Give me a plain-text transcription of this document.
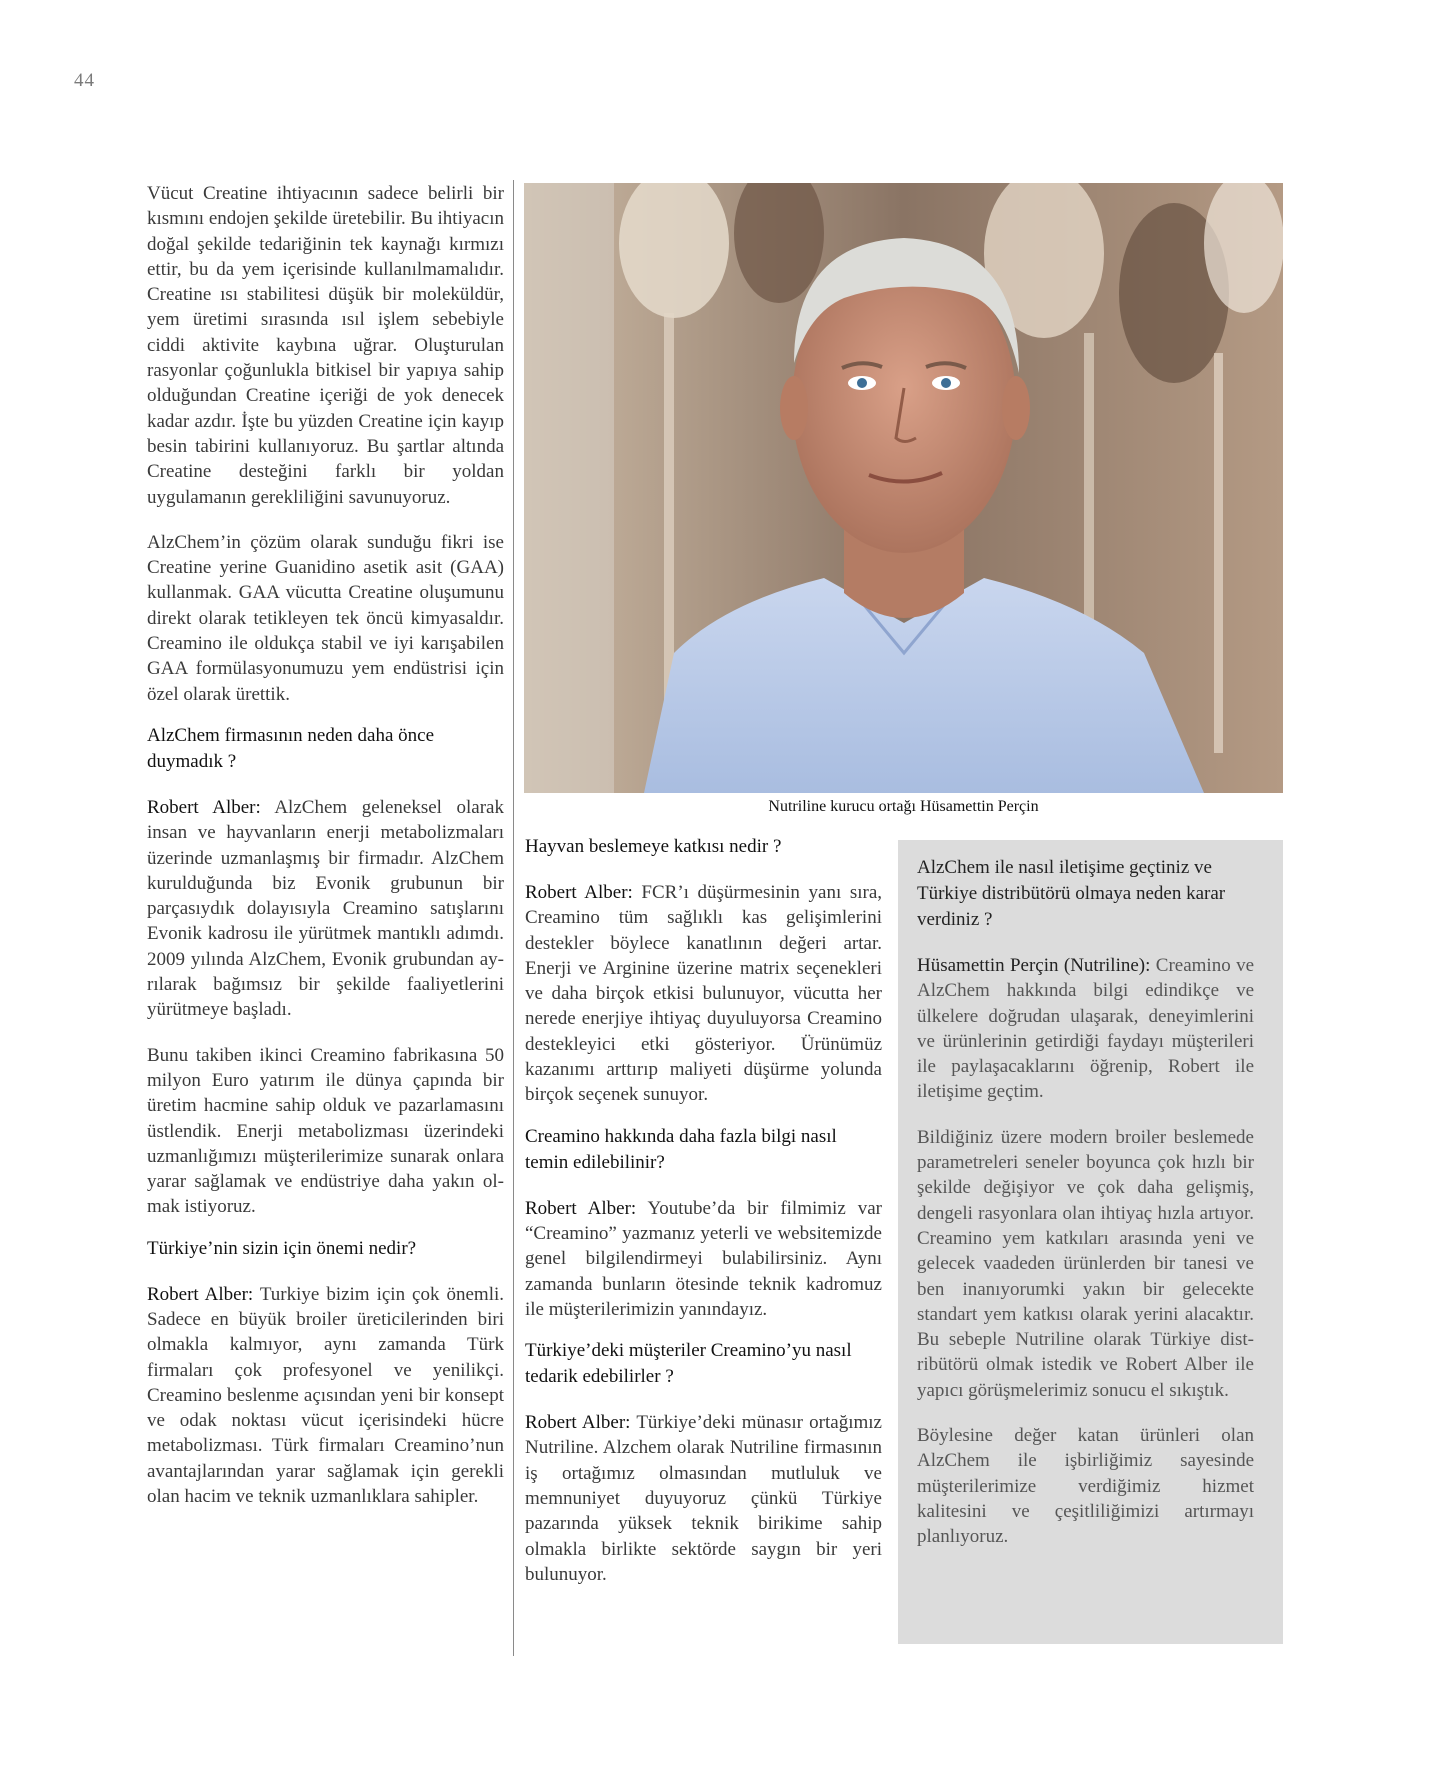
44

Vücut Creatine ihtiyacının sadece belirli bir kısmını endojen şekilde üretebilir. Bu ihtiyacın doğal şekilde tedariğinin tek kaynağı kırmızı ettir, bu da yem içerisinde kullanılmamalıdır. Creatine ısı stabilitesi düşük bir moleküldür, yem üretimi sırasında ısıl işlem sebebiyle ciddi aktivite kaybına uğrar. Oluşturulan rasyonlar çoğunlukla bitkisel bir yapıya sahip olduğundan Creatine içeriği de yok denecek kadar azdır. İşte bu yüzden Creatine için kayıp besin tabirini kullanıyoruz. Bu şartlar altında Creatine desteğini farklı bir yoldan uygulamanın gerekliliğini savunuyoruz.

AlzChem’in çözüm olarak sunduğu fikri ise Creatine yerine Guanidino asetik asit (GAA) kullanmak. GAA vücutta Creatine oluşumunu direkt olarak tetikleyen tek öncü kimyasaldır. Creamino ile oldukça stabil ve iyi karışabilen GAA formülasyonumuzu yem endüstrisi için özel olarak ürettik.

AlzChem firmasının neden daha önce duymadık ?

Robert Alber: AlzChem geleneksel olarak insan ve hayvanların enerji metabolizmaları üzerinde uzmanlaşmış bir firmadır. AlzChem kurulduğunda biz Evonik grubunun bir parçasıydık dolayısıyla Creamino satışlarını Evonik kadrosu ile yürütmek mantıklı adımdı. 2009 yılında AlzChem, Evonik grubundan ayrılarak bağımsız bir şekilde faaliyetlerini yürütmeye başladı.

Bunu takiben ikinci Creamino fabrikasına 50 milyon Euro yatırım ile dünya çapında bir üretim hacmine sahip olduk ve pazarlamasını üstlendik. Enerji metabolizması üzerindeki uzmanlığımızı müşterilerimize sunarak onlara yarar sağlamak ve endüstriye daha yakın olmak istiyoruz.

Türkiye’nin sizin için önemi nedir?

Robert Alber: Turkiye bizim için çok önemli. Sadece en büyük broiler üreticilerinden biri olmakla kalmıyor, aynı zamanda Türk firmaları çok profesyonel ve yenilikçi. Creamino beslenme açısından yeni bir konsept ve odak noktası vücut içerisindeki hücre metabolizması. Türk firmaları Creamino’nun avantajlarından yarar sağlamak için gerekli olan hacim ve teknik uzmanlıklara sahipler.

Nutriline kurucu ortağı Hüsamettin Perçin

Hayvan beslemeye katkısı nedir ?

Robert Alber: FCR’ı düşürmesinin yanı sıra, Creamino tüm sağlıklı kas gelişimlerini destekler böylece kanatlının değeri artar. Enerji ve Arginine üzerine matrix seçenekleri ve daha birçok etkisi bulunuyor, vücutta her nerede enerjiye ihtiyaç duyuluyorsa Creamino destekleyici etki gösteriyor. Ürünümüz kazanımı arttırıp maliyeti düşürme yolunda birçok seçenek sunuyor.

Creamino hakkında daha fazla bilgi nasıl temin edilebilinir?

Robert Alber: Youtube’da bir filmimiz var “Creamino” yazmanız yeterli ve websitemizde genel bilgilendirmeyi bulabilirsiniz. Aynı zamanda bunların ötesinde teknik kadromuz ile müşterilerimizin yanındayız.

Türkiye’deki müşteriler Creamino’yu nasıl tedarik edebilirler ?

Robert Alber: Türkiye’deki münasır ortağımız Nutriline. Alzchem olarak Nutriline firmasının iş ortağımız olmasından mutluluk ve memnuniyet duyuyoruz çünkü Türkiye pazarında yüksek teknik birikime sahip olmakla birlikte sektörde saygın bir yeri bulunuyor.

AlzChem ile nasıl iletişime geçtiniz ve Türkiye distribütörü olmaya neden karar verdiniz ?

Hüsamettin Perçin (Nutriline): Creamino ve AlzChem hakkında bilgi edindikçe ve ülkelere doğrudan ulaşarak, deneyimlerini ve ürünlerinin getirdiği faydayı müşterileri ile paylaşacaklarını öğrenip, Robert ile iletişime geçtim.

Bildiğiniz üzere modern broiler beslemede parametreleri seneler boyunca çok hızlı bir şekilde değişiyor ve çok daha gelişmiş, dengeli rasyonlara olan ihtiyaç hızla artıyor. Creamino yem katkıları arasında yeni ve gelecek vaadeden ürünlerden bir tanesi ve ben inanıyorumki yakın bir gelecekte standart yem katkısı olarak yerini alacaktır. Bu sebeple Nutriline olarak Türkiye distribütörü olmak istedik ve Robert Alber ile yapıcı görüşmelerimiz sonucu el sıkıştık.

Böylesine değer katan ürünleri olan AlzChem ile işbirliğimiz sayesinde müşterilerimize verdiğimiz hizmet kalitesini ve çeşitliliğimizi artırmayı planlıyoruz.
